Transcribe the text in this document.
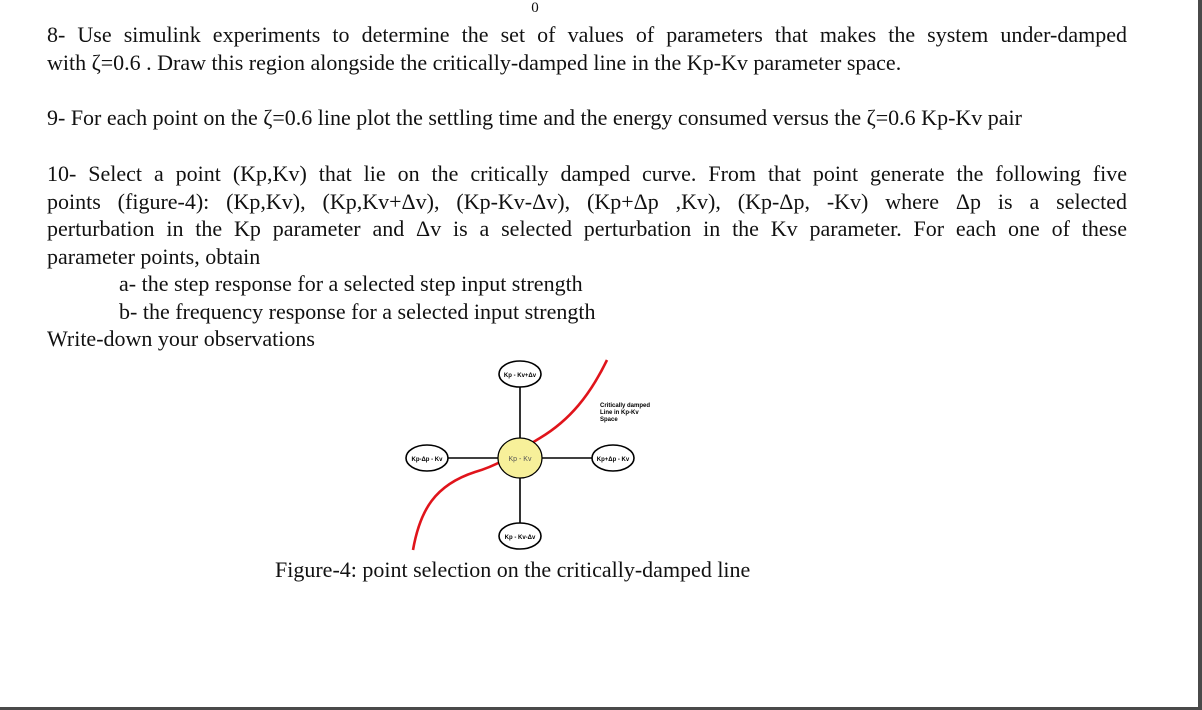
0
8- Use simulink experiments to determine the set of values of parameters that makes the system under-damped
with ζ=0.6 . Draw this region alongside the critically-damped line in the Kp-Kv parameter space.
9- For each point on the ζ=0.6 line plot the settling time and the energy consumed versus the ζ=0.6 Kp-Kv pair
10- Select a point (Kp,Kv) that lie on the critically damped curve. From that point generate the following five
points (figure-4): (Kp,Kv), (Kp,Kv+Δv), (Kp-Kv-Δv), (Kp+Δp ,Kv), (Kp-Δp, -Kv) where Δp is a selected
perturbation in the Kp parameter and Δv is a selected perturbation in the Kv parameter. For each one of these
parameter points, obtain
a- the step response for a selected step input strength
b- the frequency response for a selected input strength
Write-down your observations
Kp - Kv+Δv
Kp - Kv-Δv
Kp-Δp - Kv	Kp+Δp - Kv
Kp - Kv
Critically damped
Line in Kp-Kv
Space
Figure-4: point selection on the critically-damped line
